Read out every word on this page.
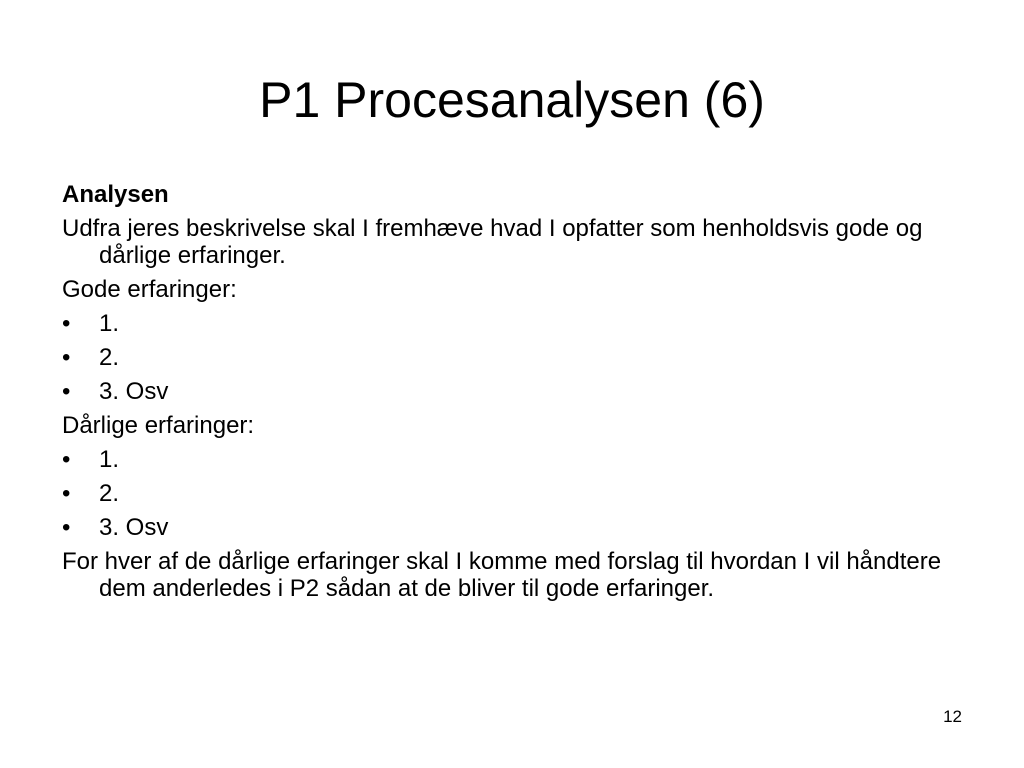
P1 Procesanalysen (6)

Analysen

Udfra jeres beskrivelse skal I fremhæve hvad I opfatter som henholdsvis gode og dårlige erfaringer.

Gode erfaringer:

•	1.
•	2.
•	3. Osv

Dårlige erfaringer:

•	1.
•	2.
•	3. Osv

For hver af de dårlige erfaringer skal I komme med forslag til hvordan I vil håndtere dem anderledes i P2 sådan at de bliver til gode erfaringer.

12
